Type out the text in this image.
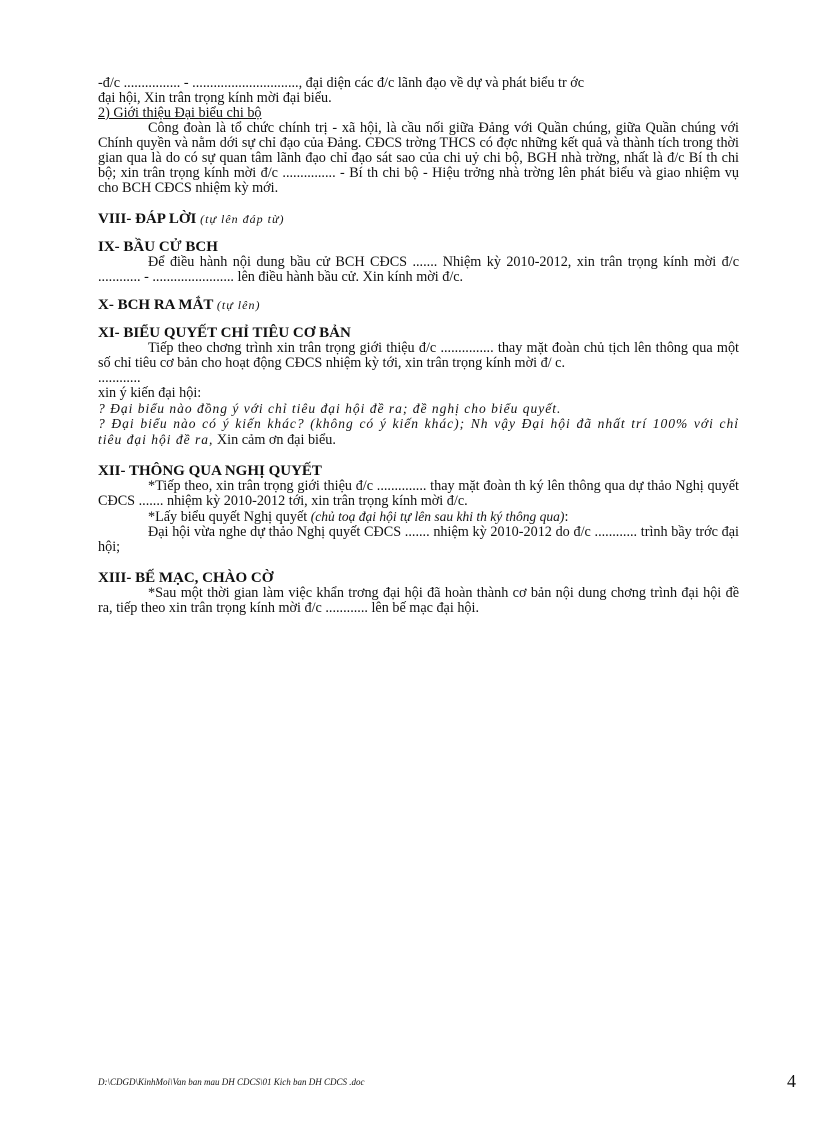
-đ/c ................ - .............................., đại diện các đ/c lãnh đạo về dự và phát biểu tr ớc

đại hội, Xin trân trọng kính mời đại biểu.

2) Giới thiệu Đại biểu chi bộ

Công đoàn là tổ chức chính trị - xã hội, là cầu nối giữa Đảng với Quần chúng, giữa Quần chúng với Chính quyền và nằm dới sự chỉ đạo của Đảng. CĐCS trờng THCS có đợc những kết quả và thành tích trong thời gian qua là do có sự quan tâm lãnh đạo chỉ đạo sát sao của chi uỷ chi bộ, BGH nhà trờng, nhất là đ/c Bí th chi bộ; xin trân trọng kính mời đ/c ............... - Bí th chi bộ - Hiệu trởng nhà trờng lên phát biểu và giao nhiệm vụ cho BCH CĐCS nhiệm kỳ mới.

VIII- ĐÁP LỜI (tự lên đáp từ)
IX- BẦU CỬ BCH

Để điều hành nội dung bầu cử BCH CĐCS ....... Nhiệm kỳ 2010-2012, xin trân trọng kính mời đ/c ............ - ....................... lên điều hành bầu cử. Xin kính mời đ/c.

X- BCH RA MẮT (tự lên)
XI- BIỂU QUYẾT CHỈ TIÊU CƠ BẢN

Tiếp theo chơng trình xin trân trọng giới thiệu đ/c ............... thay mặt đoàn chủ tịch lên thông qua một số chỉ tiêu cơ bản cho hoạt động CĐCS nhiệm kỳ tới, xin trân trọng kính mời đ/ c.

............

xin ý kiến đại hội:

? Đại biểu nào đồng ý với chỉ tiêu đại hội đề ra; đề nghị cho biểu quyết.

? Đại biểu nào có ý kiến khác? (không có ý kiến khác); Nh vậy Đại hội đã nhất trí 100% với chỉ tiêu đại hội đề ra, Xin cảm ơn đại biểu.

XII- THÔNG QUA NGHỊ QUYẾT

*Tiếp theo, xin trân trọng giới thiệu đ/c .............. thay mặt đoàn th ký lên thông qua dự thảo Nghị quyết CĐCS ....... nhiệm kỳ 2010-2012 tới, xin trân trọng kính mời đ/c.

*Lấy biểu quyết Nghị quyết (chủ toạ đại hội tự lên sau khi th ký thông qua):

Đại hội vừa nghe dự thảo Nghị quyết CĐCS ....... nhiệm kỳ 2010-2012 do đ/c ............ trình bầy trớc đại hội;

XIII- BẾ MẠC, CHÀO CỜ

*Sau một thời gian làm việc khẩn trơng đại hội đã hoàn thành cơ bản nội dung chơng trình đại hội đề ra, tiếp theo xin trân trọng kính mời đ/c ............ lên bế mạc đại hội.

D:\CDGD\KinhMoi\Van ban mau DH CDCS\01 Kich ban DH CDCS .doc	4
